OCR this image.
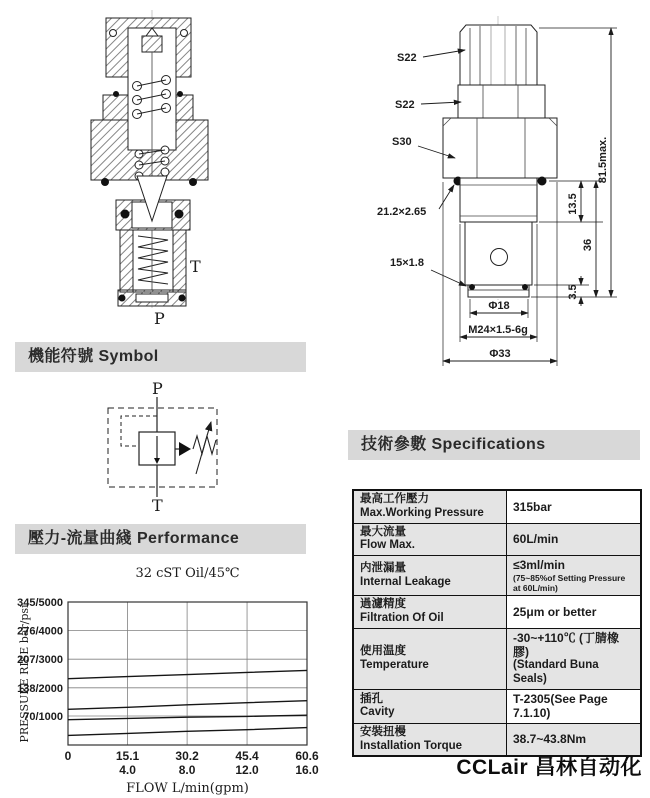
T
P
S22
S22
S30
21.2×2.65
15×1.8
Φ18
M24×1.5-6g
Φ33
13.5
36
3.5
81.5max.
機能符號 Symbol
P
T
壓力-流量曲綫 Performance
345/5000
276/4000
207/3000
138/2000
70/1000
0	15.1
4.0
30.2
8.0
45.4
12.0
60.6
16.0
32 cST Oil/45℃
FLOW L/min(gpm)
PRESSURE RISE bar/psi
技術參數 Specifications
最高工作壓力
Max.Working Pressure	315bar

最大流量
Flow Max.	60L/min

内泄漏量
Internal Leakage	≤3ml/min
(75~85%of Setting Pressure at 60L/min)

過濾精度
Filtration Of Oil	25μm or better

使用温度
Temperature	-30~+110℃ (丁腈橡膠)
(Standard Buna Seals)

插孔
Cavity	T-2305(See Page 7.1.10)

安裝扭槾
Installation Torque	38.7~43.8Nm
CCLair 昌林自动化
